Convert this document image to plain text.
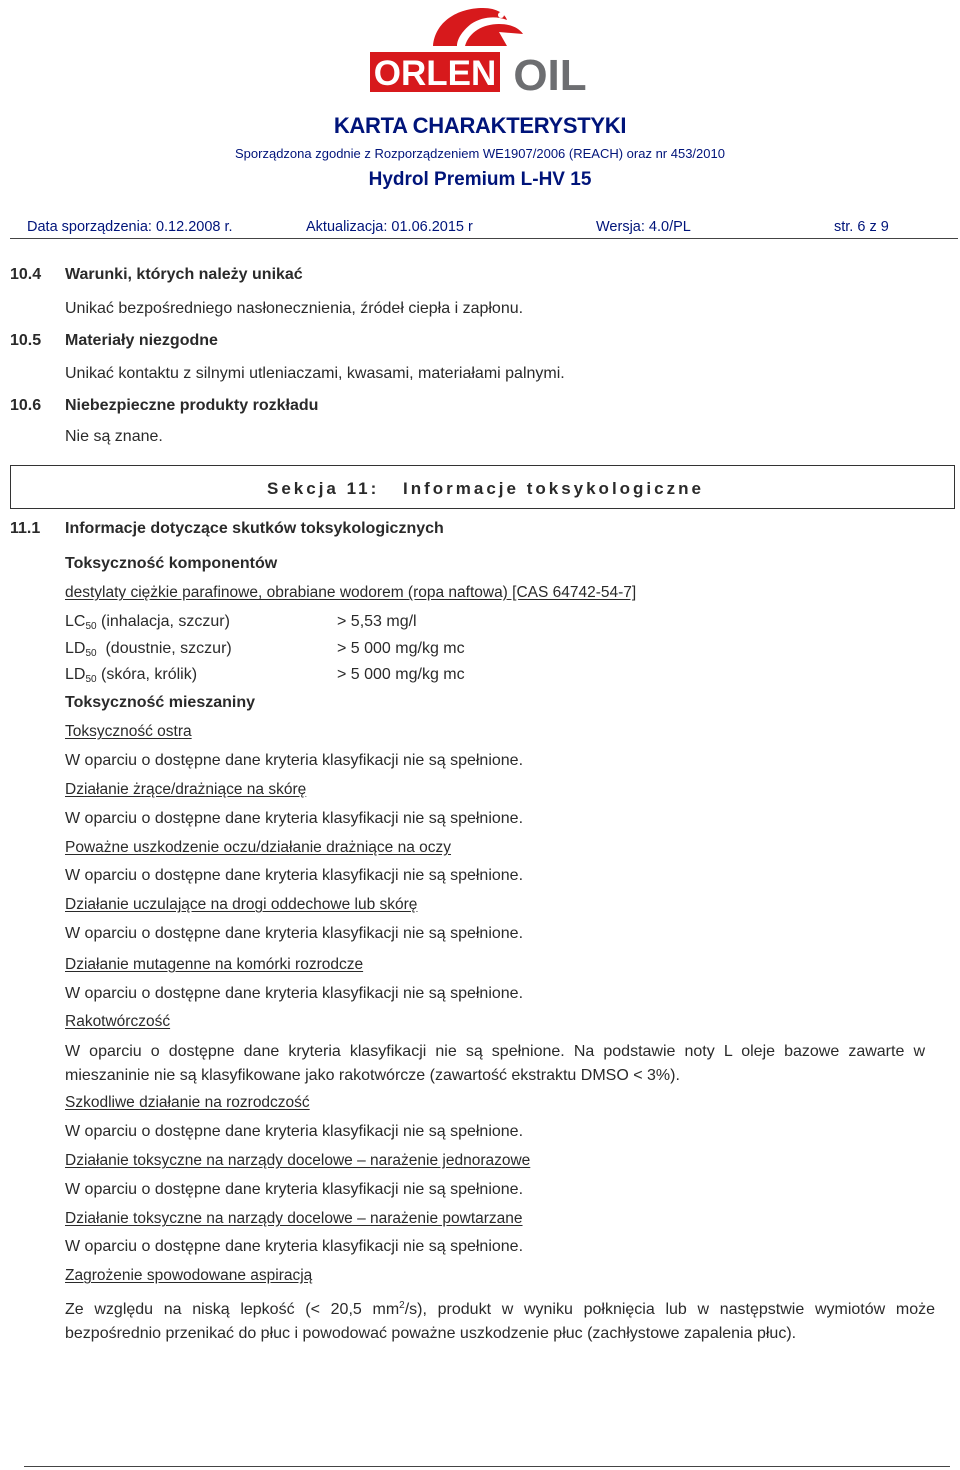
ORLEN OIL
KARTA CHARAKTERYSTYKI
Sporządzona zgodnie z Rozporządzeniem WE1907/2006 (REACH) oraz nr 453/2010
Hydrol Premium L-HV 15
Data sporządzenia: 0.12.2008 r.	Aktualizacja: 01.06.2015 r	Wersja: 4.0/PL	str. 6 z 9
10.4 Warunki, których należy unikać
Unikać bezpośredniego nasłonecznienia, źródeł ciepła i zapłonu.
10.5 Materiały niezgodne
Unikać kontaktu z silnymi utleniaczami, kwasami, materiałami palnymi.
10.6 Niebezpieczne produkty rozkładu
Nie są znane.
Sekcja 11: Informacje toksykologiczne
11.1 Informacje dotyczące skutków toksykologicznych
Toksyczność komponentów
destylaty ciężkie parafinowe, obrabiane wodorem (ropa naftowa) [CAS 64742-54-7]
$LC_{50}$ (inhalacja, szczur)	> 5,53 mg/l
$LD_{50}$  (doustnie, szczur)	> 5 000 mg/kg mc
$LD_{50}$ (skóra, królik)	> 5 000 mg/kg mc
Toksyczność mieszaniny
Toksyczność ostra
W oparciu o dostępne dane kryteria klasyfikacji nie są spełnione.
Działanie żrące/drażniące na skórę
W oparciu o dostępne dane kryteria klasyfikacji nie są spełnione.
Poważne uszkodzenie oczu/działanie drażniące na oczy
W oparciu o dostępne dane kryteria klasyfikacji nie są spełnione.
Działanie uczulające na drogi oddechowe lub skórę
W oparciu o dostępne dane kryteria klasyfikacji nie są spełnione.
Działanie mutagenne na komórki rozrodcze
W oparciu o dostępne dane kryteria klasyfikacji nie są spełnione.
Rakotwórczość
W oparciu o dostępne dane kryteria klasyfikacji nie są spełnione. Na podstawie noty L oleje bazowe zawarte w mieszaninie nie są klasyfikowane jako rakotwórcze (zawartość ekstraktu DMSO < 3%).
Szkodliwe działanie na rozrodczość
W oparciu o dostępne dane kryteria klasyfikacji nie są spełnione.
Działanie toksyczne na narządy docelowe – narażenie jednorazowe
W oparciu o dostępne dane kryteria klasyfikacji nie są spełnione.
Działanie toksyczne na narządy docelowe – narażenie powtarzane
W oparciu o dostępne dane kryteria klasyfikacji nie są spełnione.
Zagrożenie spowodowane aspiracją
Ze względu na niską lepkość (< 20,5 $mm^2/s$), produkt w wyniku połknięcia lub w następstwie wymiotów może bezpośrednio przenikać do płuc i powodować poważne uszkodzenie płuc (zachłystowe zapalenia płuc).
